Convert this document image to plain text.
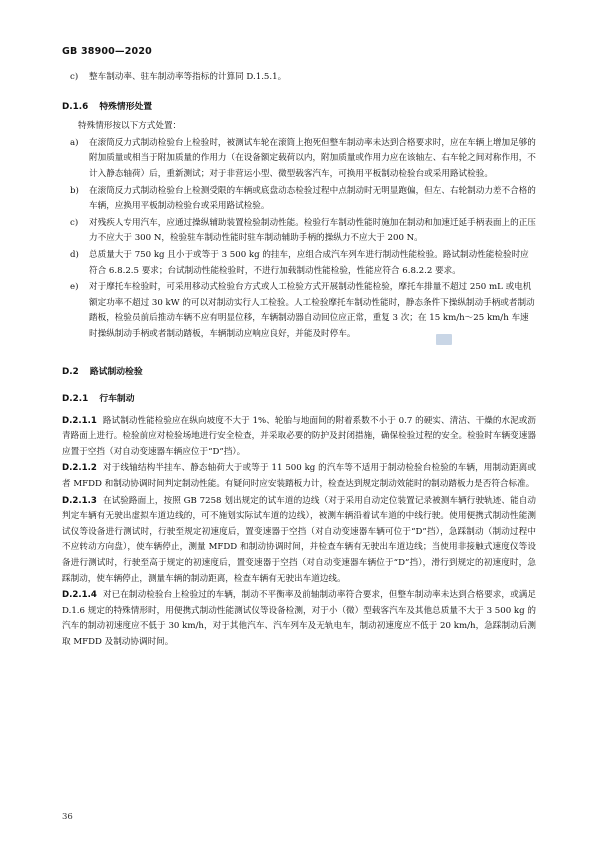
GB 38900—2020
c) 整车制动率、驻车制动率等指标的计算同 D.1.5.1。
D.1.6 特殊情形处置
特殊情形按以下方式处置：
a) 在滚筒反力式制动检验台上检验时，被测试车轮在滚筒上抱死但整车制动率未达到合格要求时，应在车辆上增加足够的附加质量或相当于附加质量的作用力（在设备额定载荷以内，附加质量或作用力应在该轴左、右车轮之间对称作用，不计入静态轴荷）后，重新测试；对于非营运小型、微型载客汽车，可换用平板制动检验台或采用路试检验。
b) 在滚筒反力式制动检验台上检测受限的车辆或底盘动态检验过程中点制动时无明显跑偏，但左、右轮制动力差不合格的车辆，应换用平板制动检验台或采用路试检验。
c) 对残疾人专用汽车，应通过操纵辅助装置检验制动性能。检验行车制动性能时施加在制动和加速迁延手柄表面上的正压力不应大于 300 N，检验驻车制动性能时驻车制动辅助手柄的操纵力不应大于 200 N。
d) 总质量大于 750 kg 且小于或等于 3 500 kg 的挂车，应组合成汽车列车进行制动性能检验。路试制动性能检验时应符合 6.8.2.5 要求；台试制动性能检验时，不进行加载制动性能检验，性能应符合 6.8.2.2 要求。
e) 对于摩托车检验时，可采用移动式检验台方式或人工检验方式开展制动性能检验，摩托车排量不超过 250 mL 或电机额定功率不超过 30 kW 的可以对制动实行人工检验。人工检验摩托车制动性能时，静态条件下操纵制动手柄或者制动踏板，检验员前后推动车辆不应有明显位移，车辆制动器自动回位应正常，重复 3 次；在 15 km/h～25 km/h 车速时操纵制动手柄或者制动踏板，车辆制动应响应良好，并能及时停车。
D.2 路试制动检验
D.2.1 行车制动
D.2.1.1 路试制动性能检验应在纵向坡度不大于 1%、轮胎与地面间的附着系数不小于 0.7 的硬实、清洁、干燥的水泥或沥青路面上进行。检验前应对检验场地进行安全检查，并采取必要的防护及封闭措施，确保检验过程的安全。检验时车辆变速器应置于空挡（对自动变速器车辆应位于“D”挡）。
D.2.1.2 对于线轴结构半挂车、静态轴荷大于或等于 11 500 kg 的汽车等不适用于制动检验台检验的车辆，用制动距离或者 MFDD 和制动协调时间判定制动性能。有疑问时应安装踏板力计，检查达到规定制动效能时的制动踏板力是否符合标准。
D.2.1.3 在试验路面上，按照 GB 7258 划出规定的试车道的边线（对于采用自动定位装置记录被测车辆行驶轨迹、能自动判定车辆有无驶出虚拟车道边线的，可不施划实际试车道的边线），被测车辆沿着试车道的中线行驶。使用便携式制动性能测试仪等设备进行测试时，行驶至规定初速度后，置变速器于空挡（对自动变速器车辆可位于“D”挡），急踩制动（制动过程中不应转动方向盘），使车辆停止，测量 MFDD 和制动协调时间，并检查车辆有无驶出车道边线；当使用非接触式速度仪等设备进行测试时，行驶至高于规定的初速度后，置变速器于空挡（对自动变速器车辆位于“D”挡），滑行到规定的初速度时，急踩制动，使车辆停止，测量车辆的制动距离，检查车辆有无驶出车道边线。
D.2.1.4 对已在制动检验台上检验过的车辆，制动不平衡率及前轴制动率符合要求，但整车制动率未达到合格要求，或满足 D.1.6 规定的特殊情形时，用便携式制动性能测试仪等设备检测，对于小（微）型载客汽车及其他总质量不大于 3 500 kg 的汽车的制动初速度应不低于 30 km/h，对于其他汽车、汽车列车及无轨电车，制动初速度应不低于 20 km/h，急踩制动后测取 MFDD 及制动协调时间。
36
